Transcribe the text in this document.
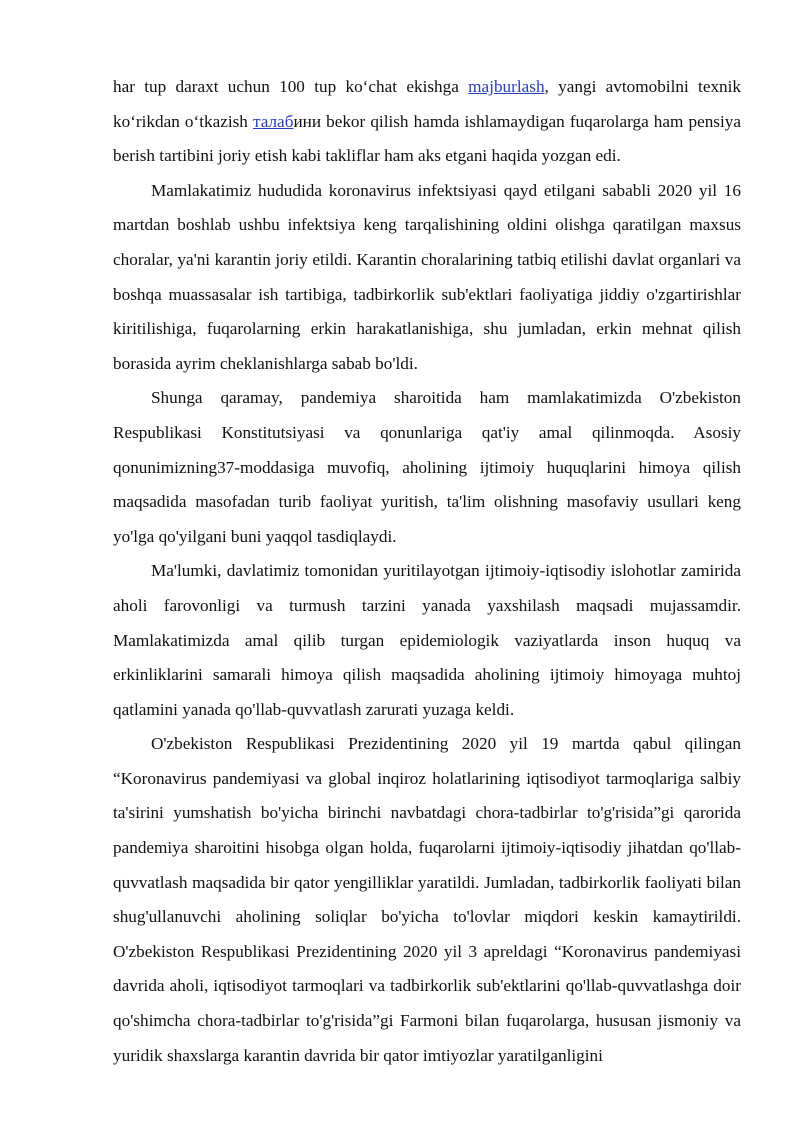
har tup daraxt uchun 100 tup koʻchat ekishga majburlash, yangi avtomobilni texnik koʻrikdan oʻtkazish талабини bekor qilish hamda ishlamaydigan fuqarolarga ham pensiya berish tartibini joriy etish kabi takliflar ham aks etgani haqida yozgan edi.

Mamlakatimiz hududida koronavirus infektsiyasi qayd etilgani sababli 2020 yil 16 martdan boshlab ushbu infektsiya keng tarqalishining oldini olishga qaratilgan maxsus choralar, ya'ni karantin joriy etildi. Karantin choralarining tatbiq etilishi davlat organlari va boshqa muassasalar ish tartibiga, tadbirkorlik sub'ektlari faoliyatiga jiddiy o'zgartirishlar kiritilishiga, fuqarolarning erkin harakatlanishiga, shu jumladan, erkin mehnat qilish borasida ayrim cheklanishlarga sabab bo'ldi.

Shunga qaramay, pandemiya sharoitida ham mamlakatimizda O'zbekiston Respublikasi Konstitutsiyasi va qonunlariga qat'iy amal qilinmoqda. Asosiy qonunimizning37-moddasiga muvofiq, aholining ijtimoiy huquqlarini himoya qilish maqsadida masofadan turib faoliyat yuritish, ta'lim olishning masofaviy usullari keng yo'lga qo'yilgani buni yaqqol tasdiqlaydi.

Ma'lumki, davlatimiz tomonidan yuritilayotgan ijtimoiy-iqtisodiy islohotlar zamirida aholi farovonligi va turmush tarzini yanada yaxshilash maqsadi mujassamdir. Mamlakatimizda amal qilib turgan epidemiologik vaziyatlarda inson huquq va erkinliklarini samarali himoya qilish maqsadida aholining ijtimoiy himoyaga muhtoj qatlamini yanada qo'llab-quvvatlash zarurati yuzaga keldi.

O'zbekiston Respublikasi Prezidentining 2020 yil 19 martda qabul qilingan “Koronavirus pandemiyasi va global inqiroz holatlarining iqtisodiyot tarmoqlariga salbiy ta'sirini yumshatish bo'yicha birinchi navbatdagi chora-tadbirlar to'g'risida”gi qarorida pandemiya sharoitini hisobga olgan holda, fuqarolarni ijtimoiy-iqtisodiy jihatdan qo'llab-quvvatlash maqsadida bir qator yengilliklar yaratildi. Jumladan, tadbirkorlik faoliyati bilan shug'ullanuvchi aholining soliqlar bo'yicha to'lovlar miqdori keskin kamaytirildi. O'zbekiston Respublikasi Prezidentining 2020 yil 3 apreldagi “Koronavirus pandemiyasi davrida aholi, iqtisodiyot tarmoqlari va tadbirkorlik sub'ektlarini qo'llab-quvvatlashga doir qo'shimcha chora-tadbirlar to'g'risida”gi Farmoni bilan fuqarolarga, hususan jismoniy va yuridik shaxslarga karantin davrida bir qator imtiyozlar yaratilganligini
